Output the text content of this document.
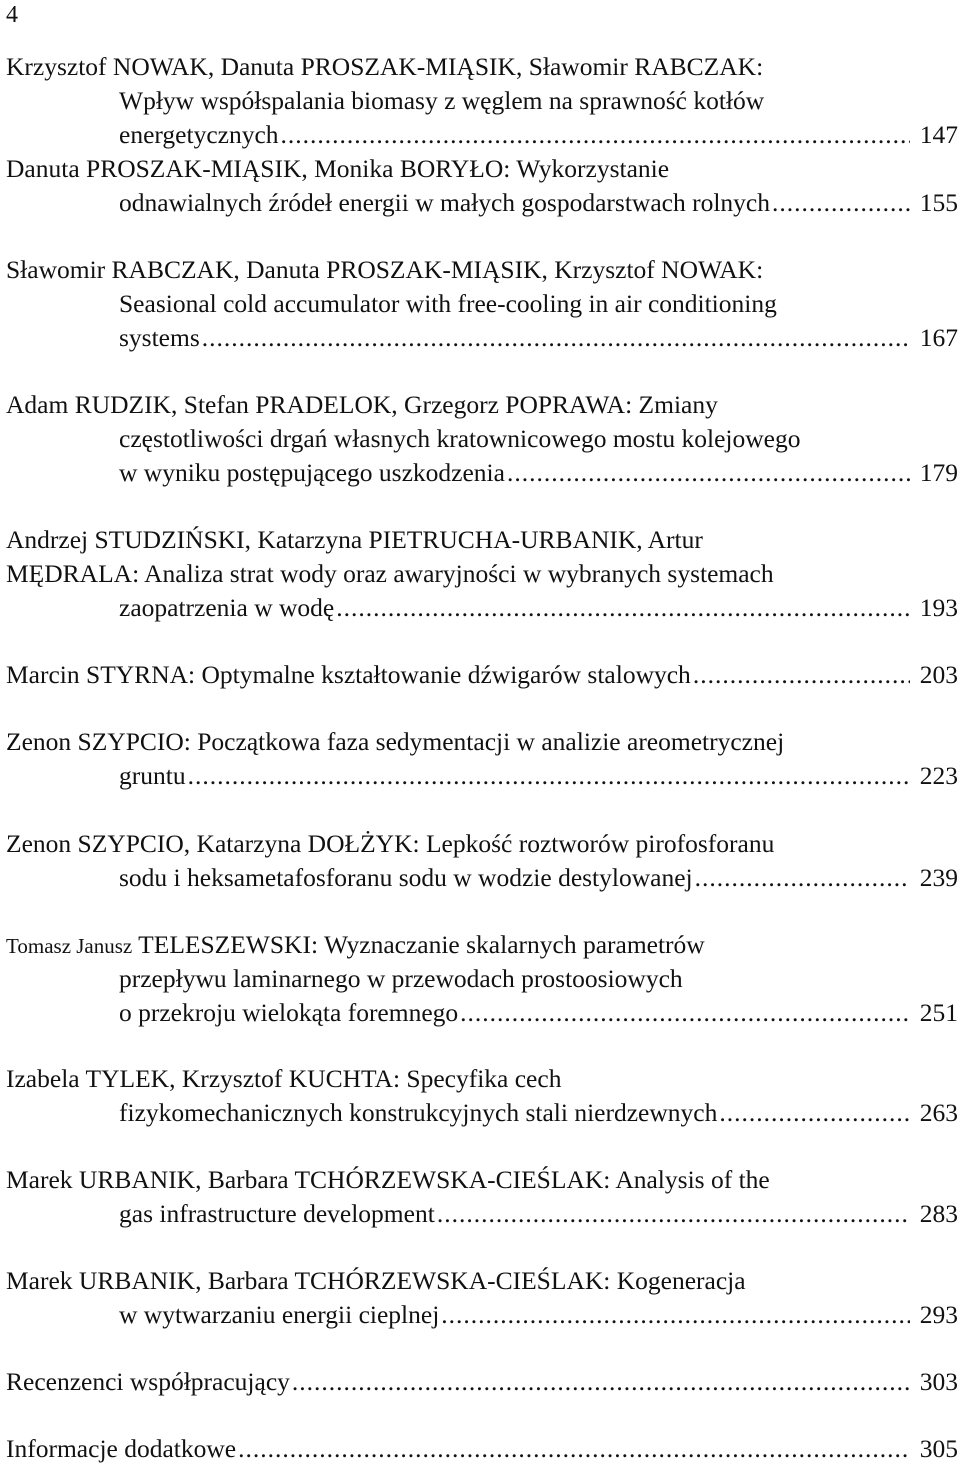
4
Krzysztof NOWAK, Danuta PROSZAK-MIĄSIK, Sławomir RABCZAK:
Wpływ współspalania biomasy z węglem na sprawność kotłów
energetycznych .....	147
Danuta PROSZAK-MIĄSIK, Monika BORYŁO: Wykorzystanie
odnawialnych źródeł energii w małych gospodarstwach rolnych .....	155
Sławomir RABCZAK, Danuta PROSZAK-MIĄSIK, Krzysztof NOWAK:
Seasional cold accumulator with free-cooling in air conditioning
systems .....	167
Adam RUDZIK, Stefan PRADELOK, Grzegorz POPRAWA: Zmiany
częstotliwości drgań własnych kratownicowego mostu kolejowego
w wyniku postępującego uszkodzenia .....	179
Andrzej STUDZIŃSKI, Katarzyna PIETRUCHA-URBANIK, Artur
MĘDRALA: Analiza strat wody oraz awaryjności w wybranych systemach
zaopatrzenia w wodę .....	193
Marcin STYRNA: Optymalne kształtowanie dźwigarów stalowych .....	203
Zenon SZYPCIO: Początkowa faza sedymentacji w analizie areometrycznej
gruntu .....	223
Zenon SZYPCIO, Katarzyna DOŁŻYK: Lepkość roztworów pirofosforanu
sodu i heksametafosforanu sodu w wodzie destylowanej .....	239
Tomasz Janusz TELESZEWSKI: Wyznaczanie skalarnych parametrów
przepływu laminarnego w przewodach prostoosiowych
o przekroju wielokąta foremnego .....	251
Izabela TYLEK, Krzysztof KUCHTA: Specyfika cech
fizykomechanicznych konstrukcyjnych stali nierdzewnych .....	263
Marek URBANIK, Barbara TCHÓRZEWSKA-CIEŚLAK: Analysis of the
gas infrastructure development .....	283
Marek URBANIK, Barbara TCHÓRZEWSKA-CIEŚLAK: Kogeneracja
w wytwarzaniu energii cieplnej .....	293
Recenzenci współpracujący .....	303
Informacje dodatkowe .....	305
